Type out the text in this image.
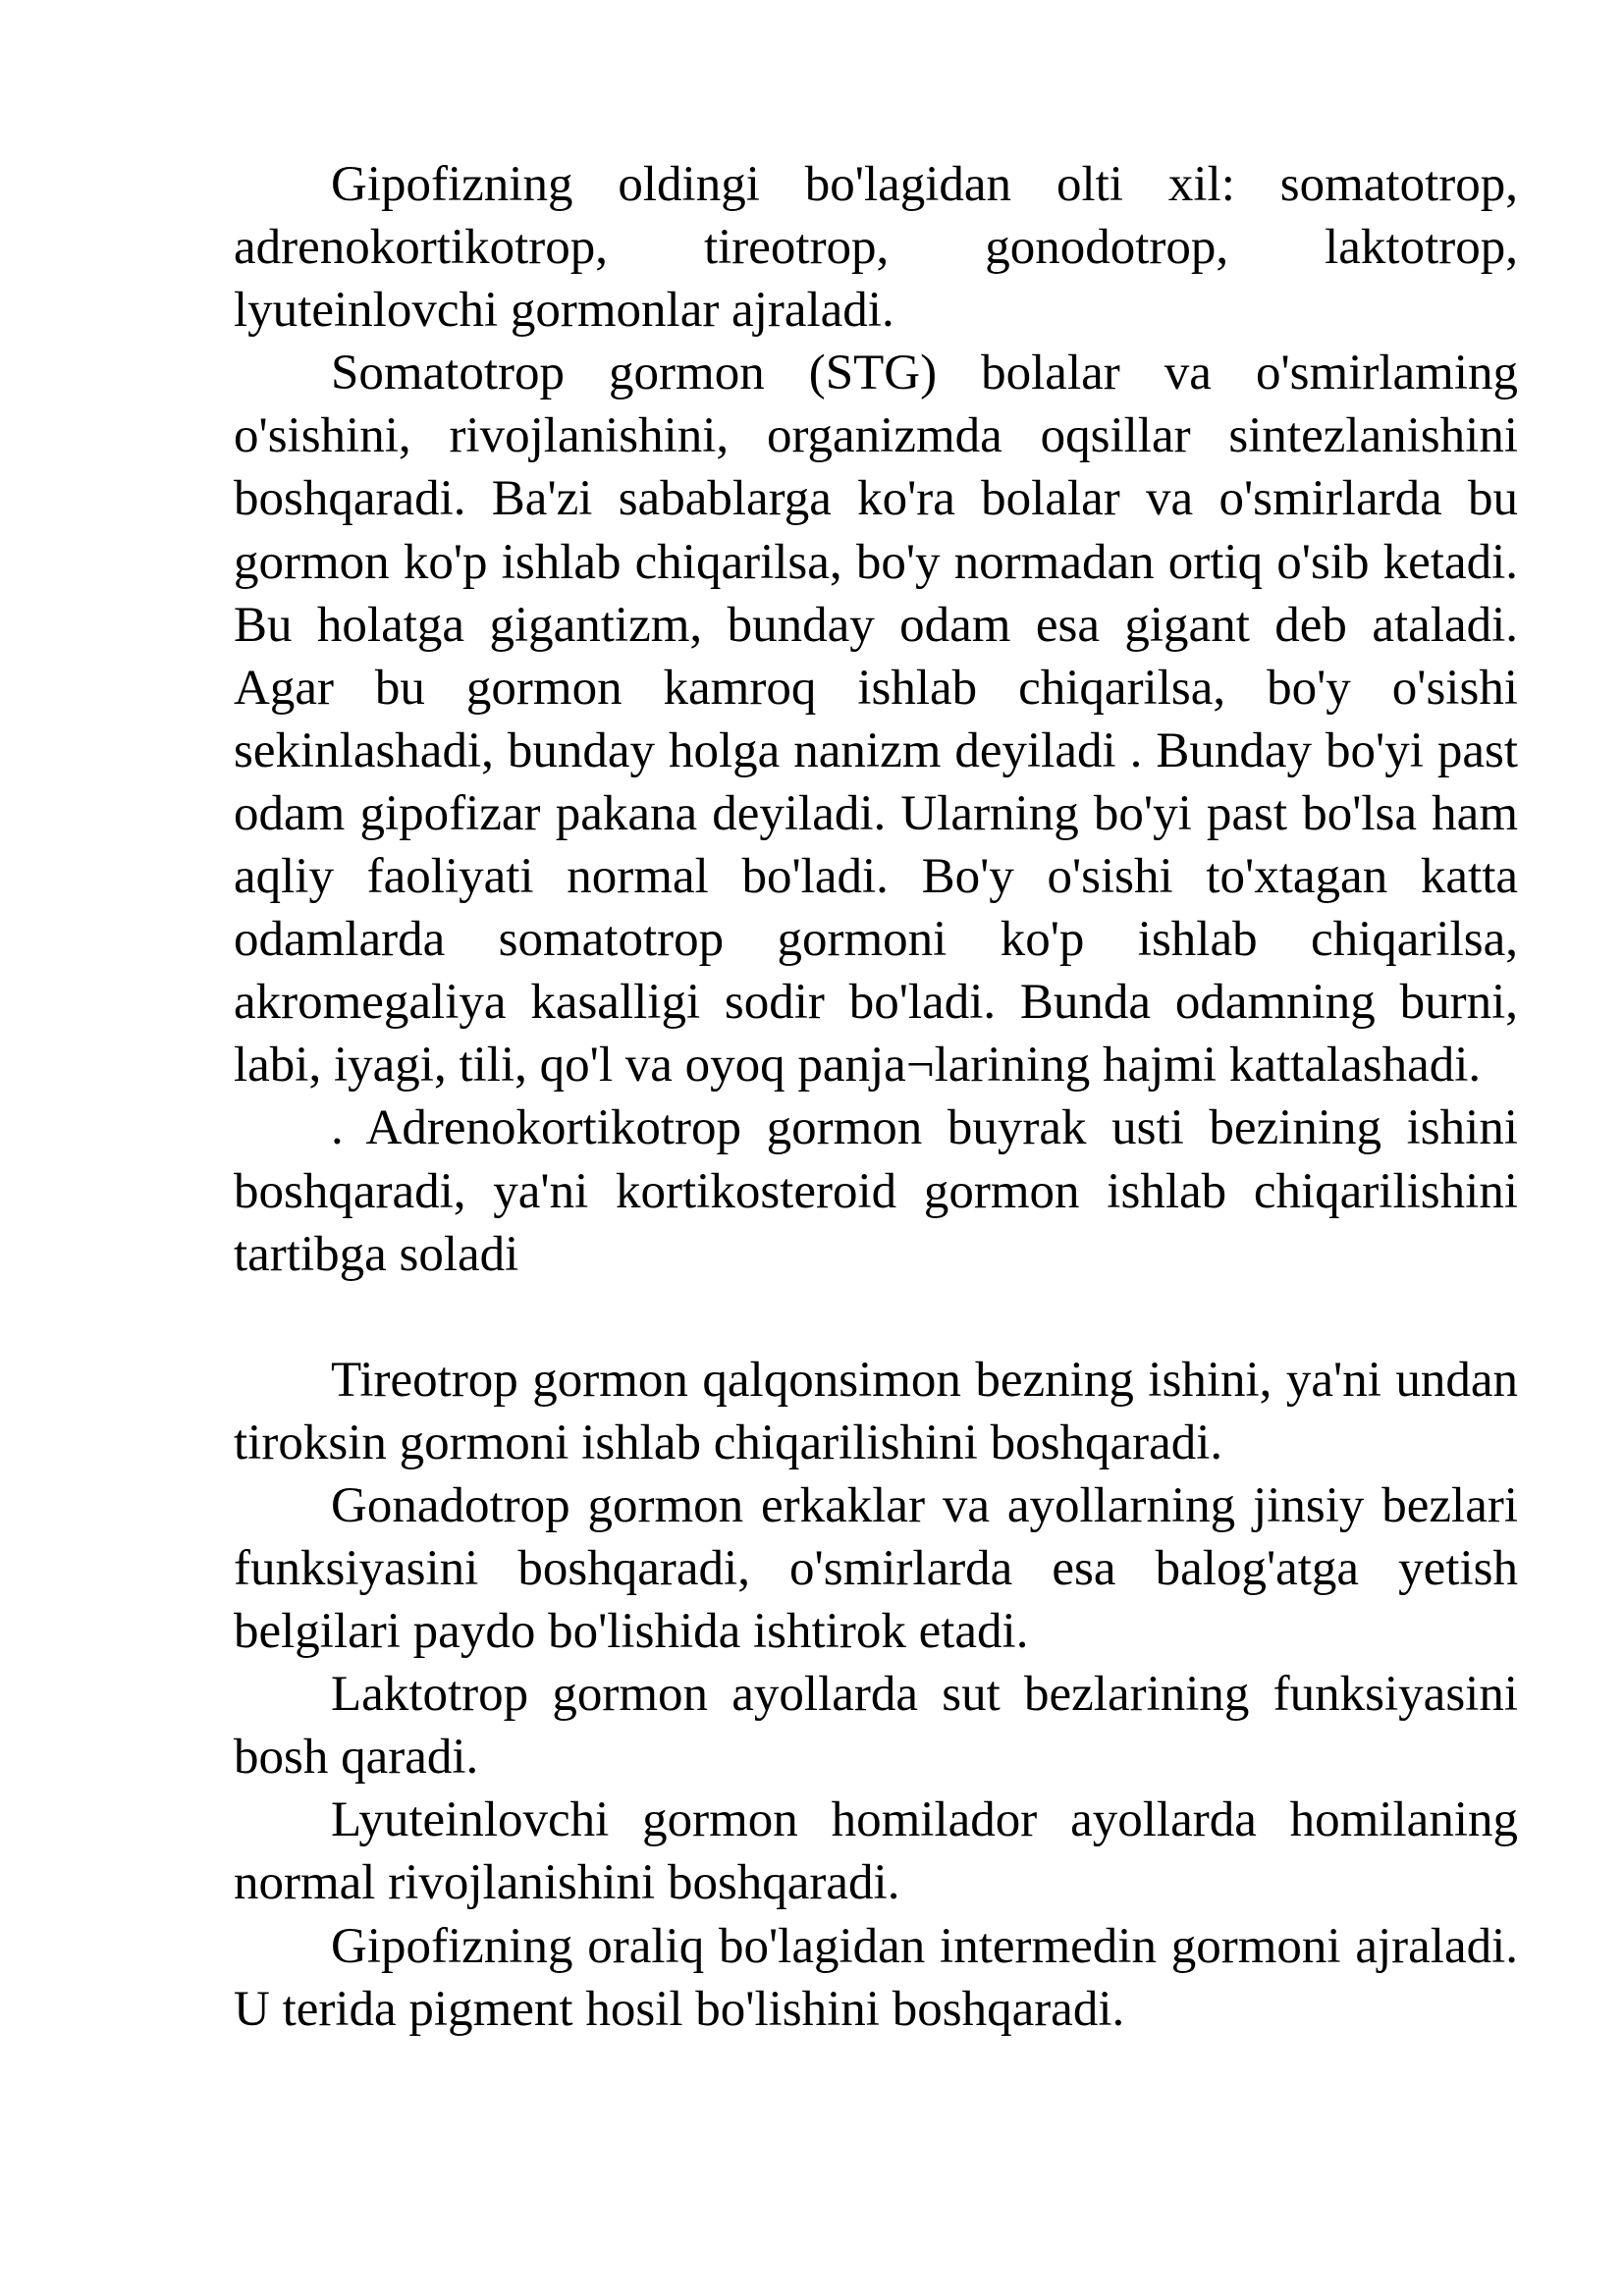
Gipofizning oldingi bo'lagidan olti xil: somatotrop, adrenokortikotrop, tireotrop, gonodotrop, laktotrop, lyuteinlovchi gormonlar ajraladi.

Somatotrop gormon (STG) bolalar va o'smirlaming o'sishini, rivojlanishini, organizmda oqsillar sintezlanishini boshqaradi. Ba'zi sabablarga ko'ra bolalar va o'smirlarda bu gormon ko'p ishlab chiqarilsa, bo'y normadan ortiq o'sib ketadi. Bu holatga gigantizm, bunday odam esa gigant deb ataladi. Agar bu gormon kamroq ishlab chiqarilsa, bo'y o'sishi sekinlashadi, bunday holga nanizm deyiladi . Bunday bo'yi past odam gipofizar pakana deyiladi. Ularning bo'yi past bo'lsa ham aqliy faoliyati normal bo'ladi. Bo'y o'sishi to'xtagan katta odamlarda somatotrop gormoni ko'p ishlab chiqarilsa, akromegaliya kasalligi sodir bo'ladi. Bunda odamning burni, labi, iyagi, tili, qo'l va oyoq panja¬larining hajmi kattalashadi.

. Adrenokortikotrop gormon buyrak usti bezining ishini boshqaradi, ya'ni kortikosteroid gormon ishlab chiqarilishini tartibga soladi

Tireotrop gormon qalqonsimon bezning ishini, ya'ni undan tiroksin gormoni ishlab chiqarilishini boshqaradi.

Gonadotrop gormon erkaklar va ayollarning jinsiy bezlari funksiyasini boshqaradi, o'smirlarda esa balog'atga yetish belgilari paydo bo'lishida ishtirok etadi.

Laktotrop gormon ayollarda sut bezlarining funksiyasini bosh qaradi.

Lyuteinlovchi gormon homilador ayollarda homilaning normal rivojlanishini boshqaradi.

Gipofizning oraliq bo'lagidan intermedin gormoni ajraladi. U terida pigment hosil bo'lishini boshqaradi.
